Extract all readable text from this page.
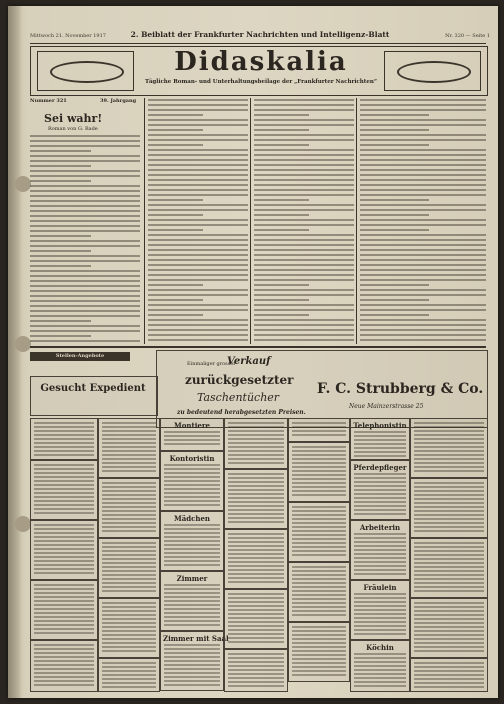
Mittwoch 21. November 1917	2. Beiblatt der Frankfurter Nachrichten und Intelligenz-Blatt	Nr. 320 — Seite 1
Didaskalia
Tägliche Roman- und Unterhaltungsbeilage der „Frankfurter Nachrichten“
Nummer 321	39. Jahrgang
Sei wahr!
Roman von G. Bade
Stellen-Angebote
Gesucht Expedient
Einmaliger grosser
Verkauf
zurückgesetzter
Taschentücher
zu bedeutend herabgesetzten Preisen.
F. C. Strubberg & Co.
Neue Mainzerstrasse 25
Montiere
Kontoristin
Mädchen
Zimmer
Zimmer mit Saal
Telephonistin
Pferdepfleger
Arbeiterin
Fräulein
Köchin
